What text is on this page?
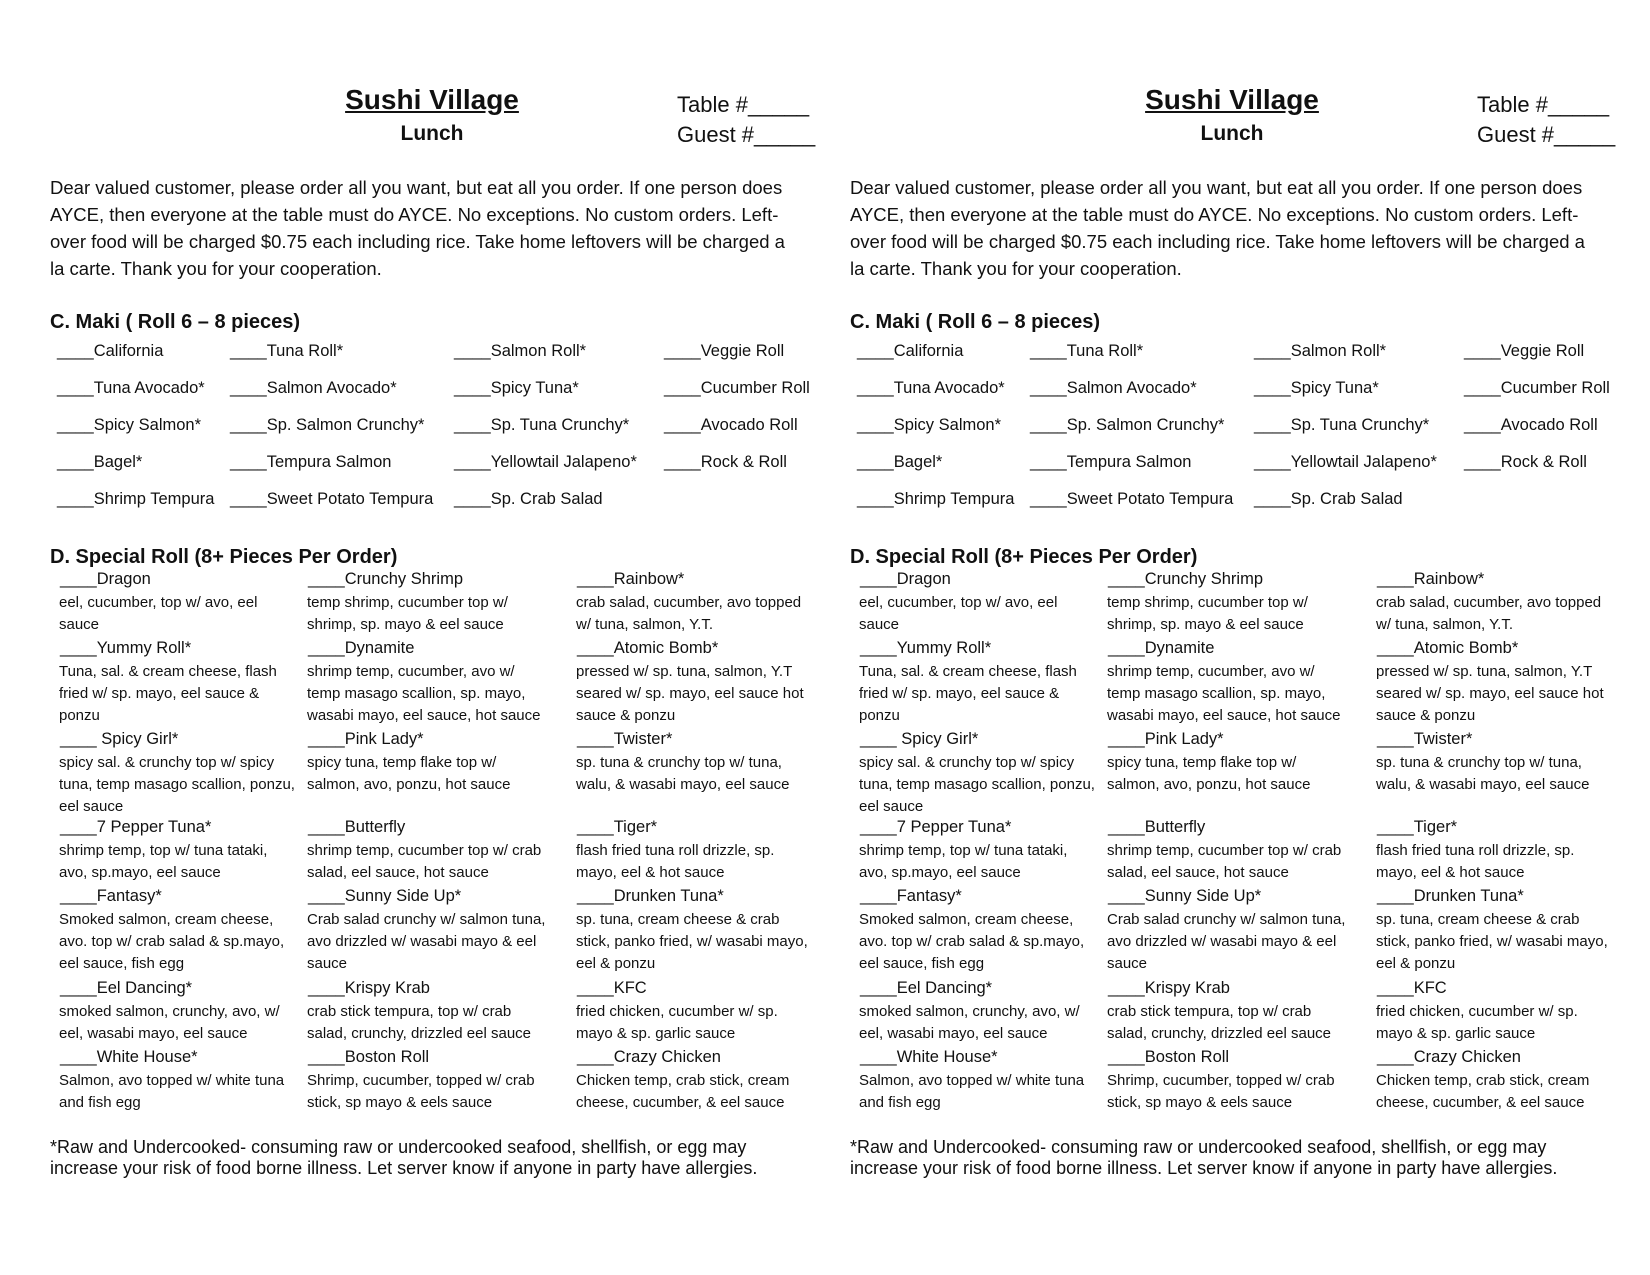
Sushi Village
Lunch
Table #_____
Guest #_____
Dear valued customer, please order all you want, but eat all you order. If one person does AYCE, then everyone at the table must do AYCE. No exceptions. No custom orders. Left-over food will be charged $0.75 each including rice. Take home leftovers will be charged a la carte. Thank you for your cooperation.
C. Maki ( Roll 6 – 8 pieces)
____California	____Tuna Roll*	____Salmon Roll*	____Veggie Roll
____Tuna Avocado* ____Salmon Avocado*	____Spicy Tuna*	____Cucumber Roll
____Spicy Salmon* ____Sp. Salmon Crunchy* ____Sp. Tuna Crunchy* ____Avocado Roll
____Bagel*	____Tempura Salmon	____Yellowtail Jalapeno* ____Rock & Roll
____Shrimp Tempura ____Sweet Potato Tempura ____Sp. Crab Salad
D. Special Roll (8+ Pieces Per Order)
____Dragon
eel, cucumber, top w/ avo, eel sauce
____Crunchy Shrimp
temp shrimp, cucumber top w/ shrimp, sp. mayo & eel sauce
____Rainbow*
crab salad, cucumber, avo topped w/ tuna, salmon, Y.T.
____Yummy Roll*
Tuna, sal. & cream cheese, flash fried w/ sp. mayo, eel sauce & ponzu
____Dynamite
shrimp temp, cucumber, avo w/ temp masago scallion, sp. mayo, wasabi mayo, eel sauce, hot sauce
____Atomic Bomb*
pressed w/ sp. tuna, salmon, Y.T seared w/ sp. mayo, eel sauce hot sauce & ponzu
____ Spicy Girl*
spicy sal. & crunchy top w/ spicy tuna, temp masago scallion, ponzu, eel sauce
____Pink Lady*
spicy tuna, temp flake top w/ salmon, avo, ponzu, hot sauce
____Twister*
sp. tuna & crunchy top w/ tuna, walu, & wasabi mayo, eel sauce
____7 Pepper Tuna*
shrimp temp, top w/ tuna tataki, avo, sp.mayo, eel sauce
____Butterfly
shrimp temp, cucumber top w/ crab salad, eel sauce, hot sauce
____Tiger*
flash fried tuna roll drizzle, sp. mayo, eel & hot sauce
____Fantasy*
Smoked salmon, cream cheese, avo. top w/ crab salad & sp.mayo, eel sauce, fish egg
____Sunny Side Up*
Crab salad crunchy w/ salmon tuna, avo drizzled w/ wasabi mayo & eel sauce
____Drunken Tuna*
sp. tuna, cream cheese & crab stick, panko fried, w/ wasabi mayo, eel & ponzu
____Eel Dancing*
smoked salmon, crunchy, avo, w/ eel, wasabi mayo, eel sauce
____Krispy Krab
crab stick tempura, top w/ crab salad, crunchy, drizzled eel sauce
____KFC
fried chicken, cucumber w/ sp. mayo & sp. garlic sauce
____White House*
Salmon, avo topped w/ white tuna and fish egg
____Boston Roll
Shrimp, cucumber, topped w/ crab stick, sp mayo & eels sauce
____Crazy Chicken
Chicken temp, crab stick, cream cheese, cucumber, & eel sauce
*Raw and Undercooked- consuming raw or undercooked seafood, shellfish, or egg may increase your risk of food borne illness. Let server know if anyone in party have allergies.
Sushi Village
Lunch
Table #_____
Guest #_____
Dear valued customer, please order all you want, but eat all you order. If one person does AYCE, then everyone at the table must do AYCE. No exceptions. No custom orders. Left-over food will be charged $0.75 each including rice. Take home leftovers will be charged a la carte. Thank you for your cooperation.
C. Maki ( Roll 6 – 8 pieces)
____California	____Tuna Roll*	____Salmon Roll*	____Veggie Roll
____Tuna Avocado* ____Salmon Avocado*	____Spicy Tuna*	____Cucumber Roll
____Spicy Salmon* ____Sp. Salmon Crunchy* ____Sp. Tuna Crunchy* ____Avocado Roll
____Bagel*	____Tempura Salmon	____Yellowtail Jalapeno* ____Rock & Roll
____Shrimp Tempura ____Sweet Potato Tempura ____Sp. Crab Salad
D. Special Roll (8+ Pieces Per Order)
____Dragon
eel, cucumber, top w/ avo, eel sauce
____Crunchy Shrimp
temp shrimp, cucumber top w/ shrimp, sp. mayo & eel sauce
____Rainbow*
crab salad, cucumber, avo topped w/ tuna, salmon, Y.T.
____Yummy Roll*
Tuna, sal. & cream cheese, flash fried w/ sp. mayo, eel sauce & ponzu
____Dynamite
shrimp temp, cucumber, avo w/ temp masago scallion, sp. mayo, wasabi mayo, eel sauce, hot sauce
____Atomic Bomb*
pressed w/ sp. tuna, salmon, Y.T seared w/ sp. mayo, eel sauce hot sauce & ponzu
____ Spicy Girl*
spicy sal. & crunchy top w/ spicy tuna, temp masago scallion, ponzu, eel sauce
____Pink Lady*
spicy tuna, temp flake top w/ salmon, avo, ponzu, hot sauce
____Twister*
sp. tuna & crunchy top w/ tuna, walu, & wasabi mayo, eel sauce
____7 Pepper Tuna*
shrimp temp, top w/ tuna tataki, avo, sp.mayo, eel sauce
____Butterfly
shrimp temp, cucumber top w/ crab salad, eel sauce, hot sauce
____Tiger*
flash fried tuna roll drizzle, sp. mayo, eel & hot sauce
____Fantasy*
Smoked salmon, cream cheese, avo. top w/ crab salad & sp.mayo, eel sauce, fish egg
____Sunny Side Up*
Crab salad crunchy w/ salmon tuna, avo drizzled w/ wasabi mayo & eel sauce
____Drunken Tuna*
sp. tuna, cream cheese & crab stick, panko fried, w/ wasabi mayo, eel & ponzu
____Eel Dancing*
smoked salmon, crunchy, avo, w/ eel, wasabi mayo, eel sauce
____Krispy Krab
crab stick tempura, top w/ crab salad, crunchy, drizzled eel sauce
____KFC
fried chicken, cucumber w/ sp. mayo & sp. garlic sauce
____White House*
Salmon, avo topped w/ white tuna and fish egg
____Boston Roll
Shrimp, cucumber, topped w/ crab stick, sp mayo & eels sauce
____Crazy Chicken
Chicken temp, crab stick, cream cheese, cucumber, & eel sauce
*Raw and Undercooked- consuming raw or undercooked seafood, shellfish, or egg may increase your risk of food borne illness. Let server know if anyone in party have allergies.
